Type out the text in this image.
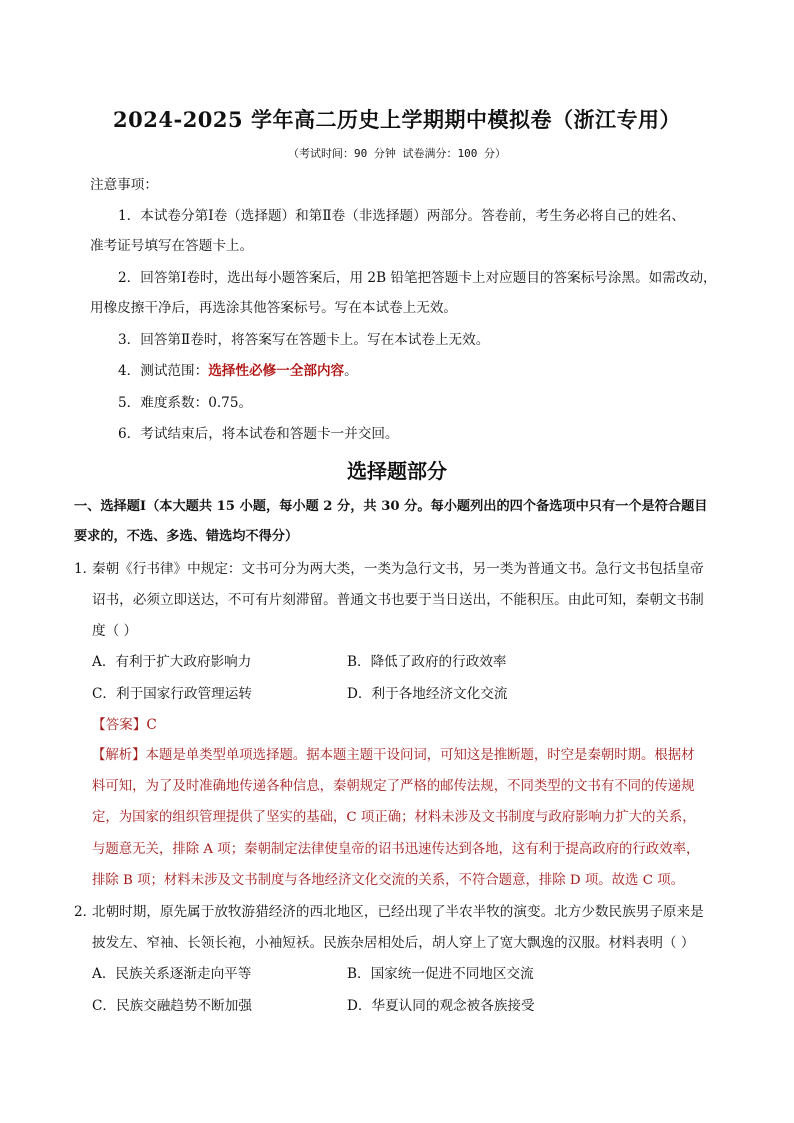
2024-2025 学年高二历史上学期期中模拟卷（浙江专用）
（考试时间：90 分钟 试卷满分：100 分）
注意事项：
1．本试卷分第Ⅰ卷（选择题）和第Ⅱ卷（非选择题）两部分。答卷前，考生务必将自己的姓名、
准考证号填写在答题卡上。
2．回答第Ⅰ卷时，选出每小题答案后，用 2B 铅笔把答题卡上对应题目的答案标号涂黑。如需改动，
用橡皮擦干净后，再选涂其他答案标号。写在本试卷上无效。
3．回答第Ⅱ卷时，将答案写在答题卡上。写在本试卷上无效。
4．测试范围：选择性必修一全部内容。
5．难度系数：0.75。
6．考试结束后，将本试卷和答题卡一并交回。
选择题部分
一、选择题Ⅰ（本大题共 15 小题，每小题 2 分，共 30 分。每小题列出的四个备选项中只有一个是符合题目
要求的，不选、多选、错选均不得分）
1．
秦朝《行书律》中规定：文书可分为两大类，一类为急行文书，另一类为普通文书。急行文书包括皇帝
诏书，必须立即送达，不可有片刻滞留。普通文书也要于当日送出，不能积压。由此可知，秦朝文书制
度（ ）
A．有利于扩大政府影响力	B．降低了政府的行政效率
C．利于国家行政管理运转	D．利于各地经济文化交流
【答案】C
【解析】本题是单类型单项选择题。据本题主题干设问词，可知这是推断题，时空是秦朝时期。根据材
料可知，为了及时准确地传递各种信息，秦朝规定了严格的邮传法规，不同类型的文书有不同的传递规
定，为国家的组织管理提供了坚实的基础，C 项正确；材料未涉及文书制度与政府影响力扩大的关系，
与题意无关，排除 A 项；秦朝制定法律使皇帝的诏书迅速传达到各地，这有利于提高政府的行政效率，
排除 B 项；材料未涉及文书制度与各地经济文化交流的关系，不符合题意，排除 D 项。故选 C 项。
2．
北朝时期，原先属于放牧游猎经济的西北地区，已经出现了半农半牧的演变。北方少数民族男子原来是
披发左、窄袖、长领长袍，小袖短袄。民族杂居相处后，胡人穿上了宽大飘逸的汉服。材料表明（ ）
A．民族关系逐渐走向平等	B．国家统一促进不同地区交流
C．民族交融趋势不断加强	D．华夏认同的观念被各族接受
